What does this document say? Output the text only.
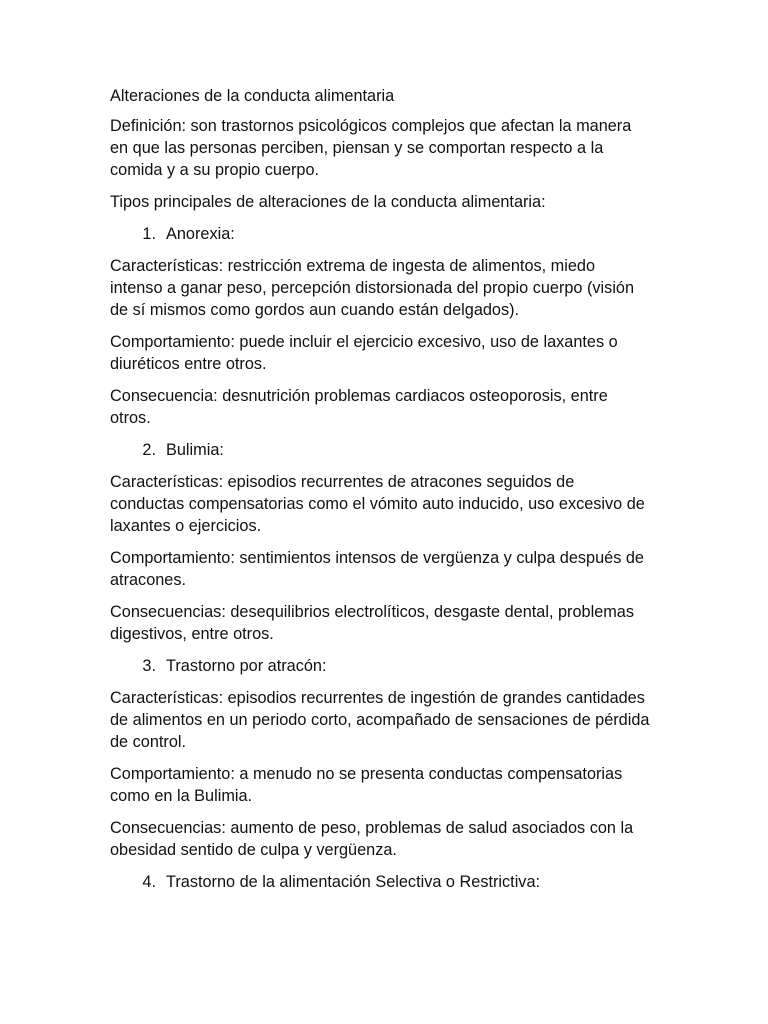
Alteraciones de la conducta alimentaria

Definición: son trastornos psicológicos complejos que afectan la manera en que las personas perciben, piensan y se comportan respecto a la comida y a su propio cuerpo.

Tipos principales de alteraciones de la conducta alimentaria:

1. Anorexia:

Características: restricción extrema de ingesta de alimentos, miedo intenso a ganar peso, percepción distorsionada del propio cuerpo (visión de sí mismos como gordos aun cuando están delgados).

Comportamiento: puede incluir el ejercicio excesivo, uso de laxantes o diuréticos entre otros.

Consecuencia: desnutrición problemas cardiacos osteoporosis, entre otros.

2. Bulimia:

Características: episodios recurrentes de atracones seguidos de conductas compensatorias como el vómito auto inducido, uso excesivo de laxantes o ejercicios.

Comportamiento: sentimientos intensos de vergüenza y culpa después de atracones.

Consecuencias: desequilibrios electrolíticos, desgaste dental, problemas digestivos, entre otros.

3. Trastorno por atracón:

Características: episodios recurrentes de ingestión de grandes cantidades de alimentos en un periodo corto, acompañado de sensaciones de pérdida de control.

Comportamiento: a menudo no se presenta conductas compensatorias como en la Bulimia.

Consecuencias: aumento de peso, problemas de salud asociados con la obesidad sentido de culpa y vergüenza.

4. Trastorno de la alimentación Selectiva o Restrictiva:
